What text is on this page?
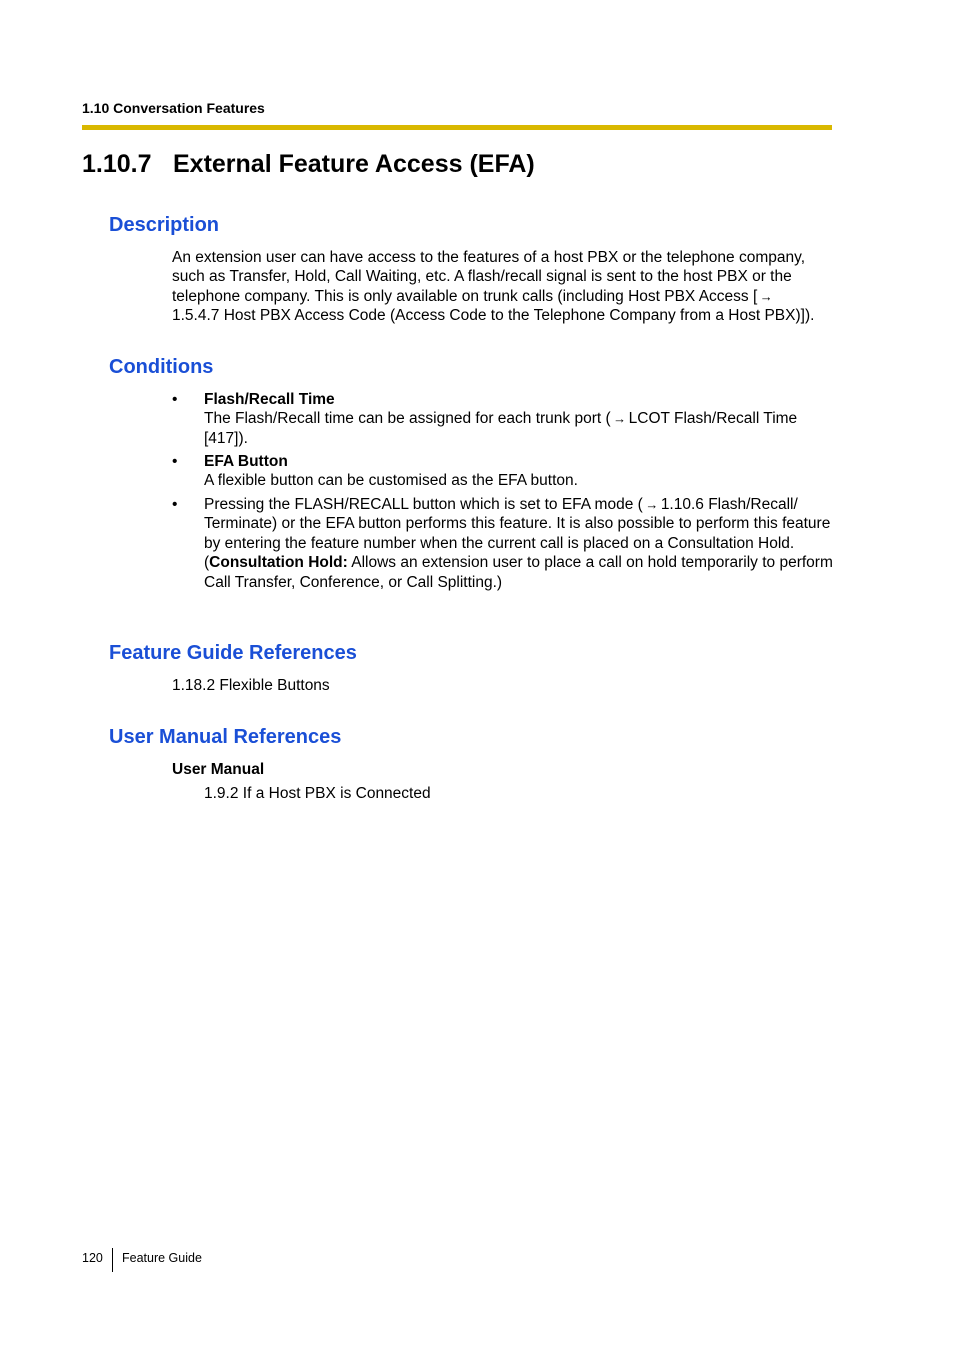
1.10 Conversation Features
1.10.7 External Feature Access (EFA)
Description

An extension user can have access to the features of a host PBX or the telephone company, such as Transfer, Hold, Call Waiting, etc. A flash/recall signal is sent to the host PBX or the telephone company. This is only available on trunk calls (including Host PBX Access [ →
1.5.4.7 Host PBX Access Code (Access Code to the Telephone Company from a Host PBX)]).

Conditions
• Flash/Recall Time
The Flash/Recall time can be assigned for each trunk port ( → LCOT Flash/Recall Time [417]).
• EFA Button
A flexible button can be customised as the EFA button.
• Pressing the FLASH/RECALL button which is set to EFA mode ( → 1.10.6 Flash/Recall/ Terminate) or the EFA button performs this feature. It is also possible to perform this feature by entering the feature number when the current call is placed on a Consultation Hold.
(Consultation Hold: Allows an extension user to place a call on hold temporarily to perform Call Transfer, Conference, or Call Splitting.)
Feature Guide References

1.18.2 Flexible Buttons

User Manual References

User Manual

1.9.2 If a Host PBX is Connected

120 Feature Guide
